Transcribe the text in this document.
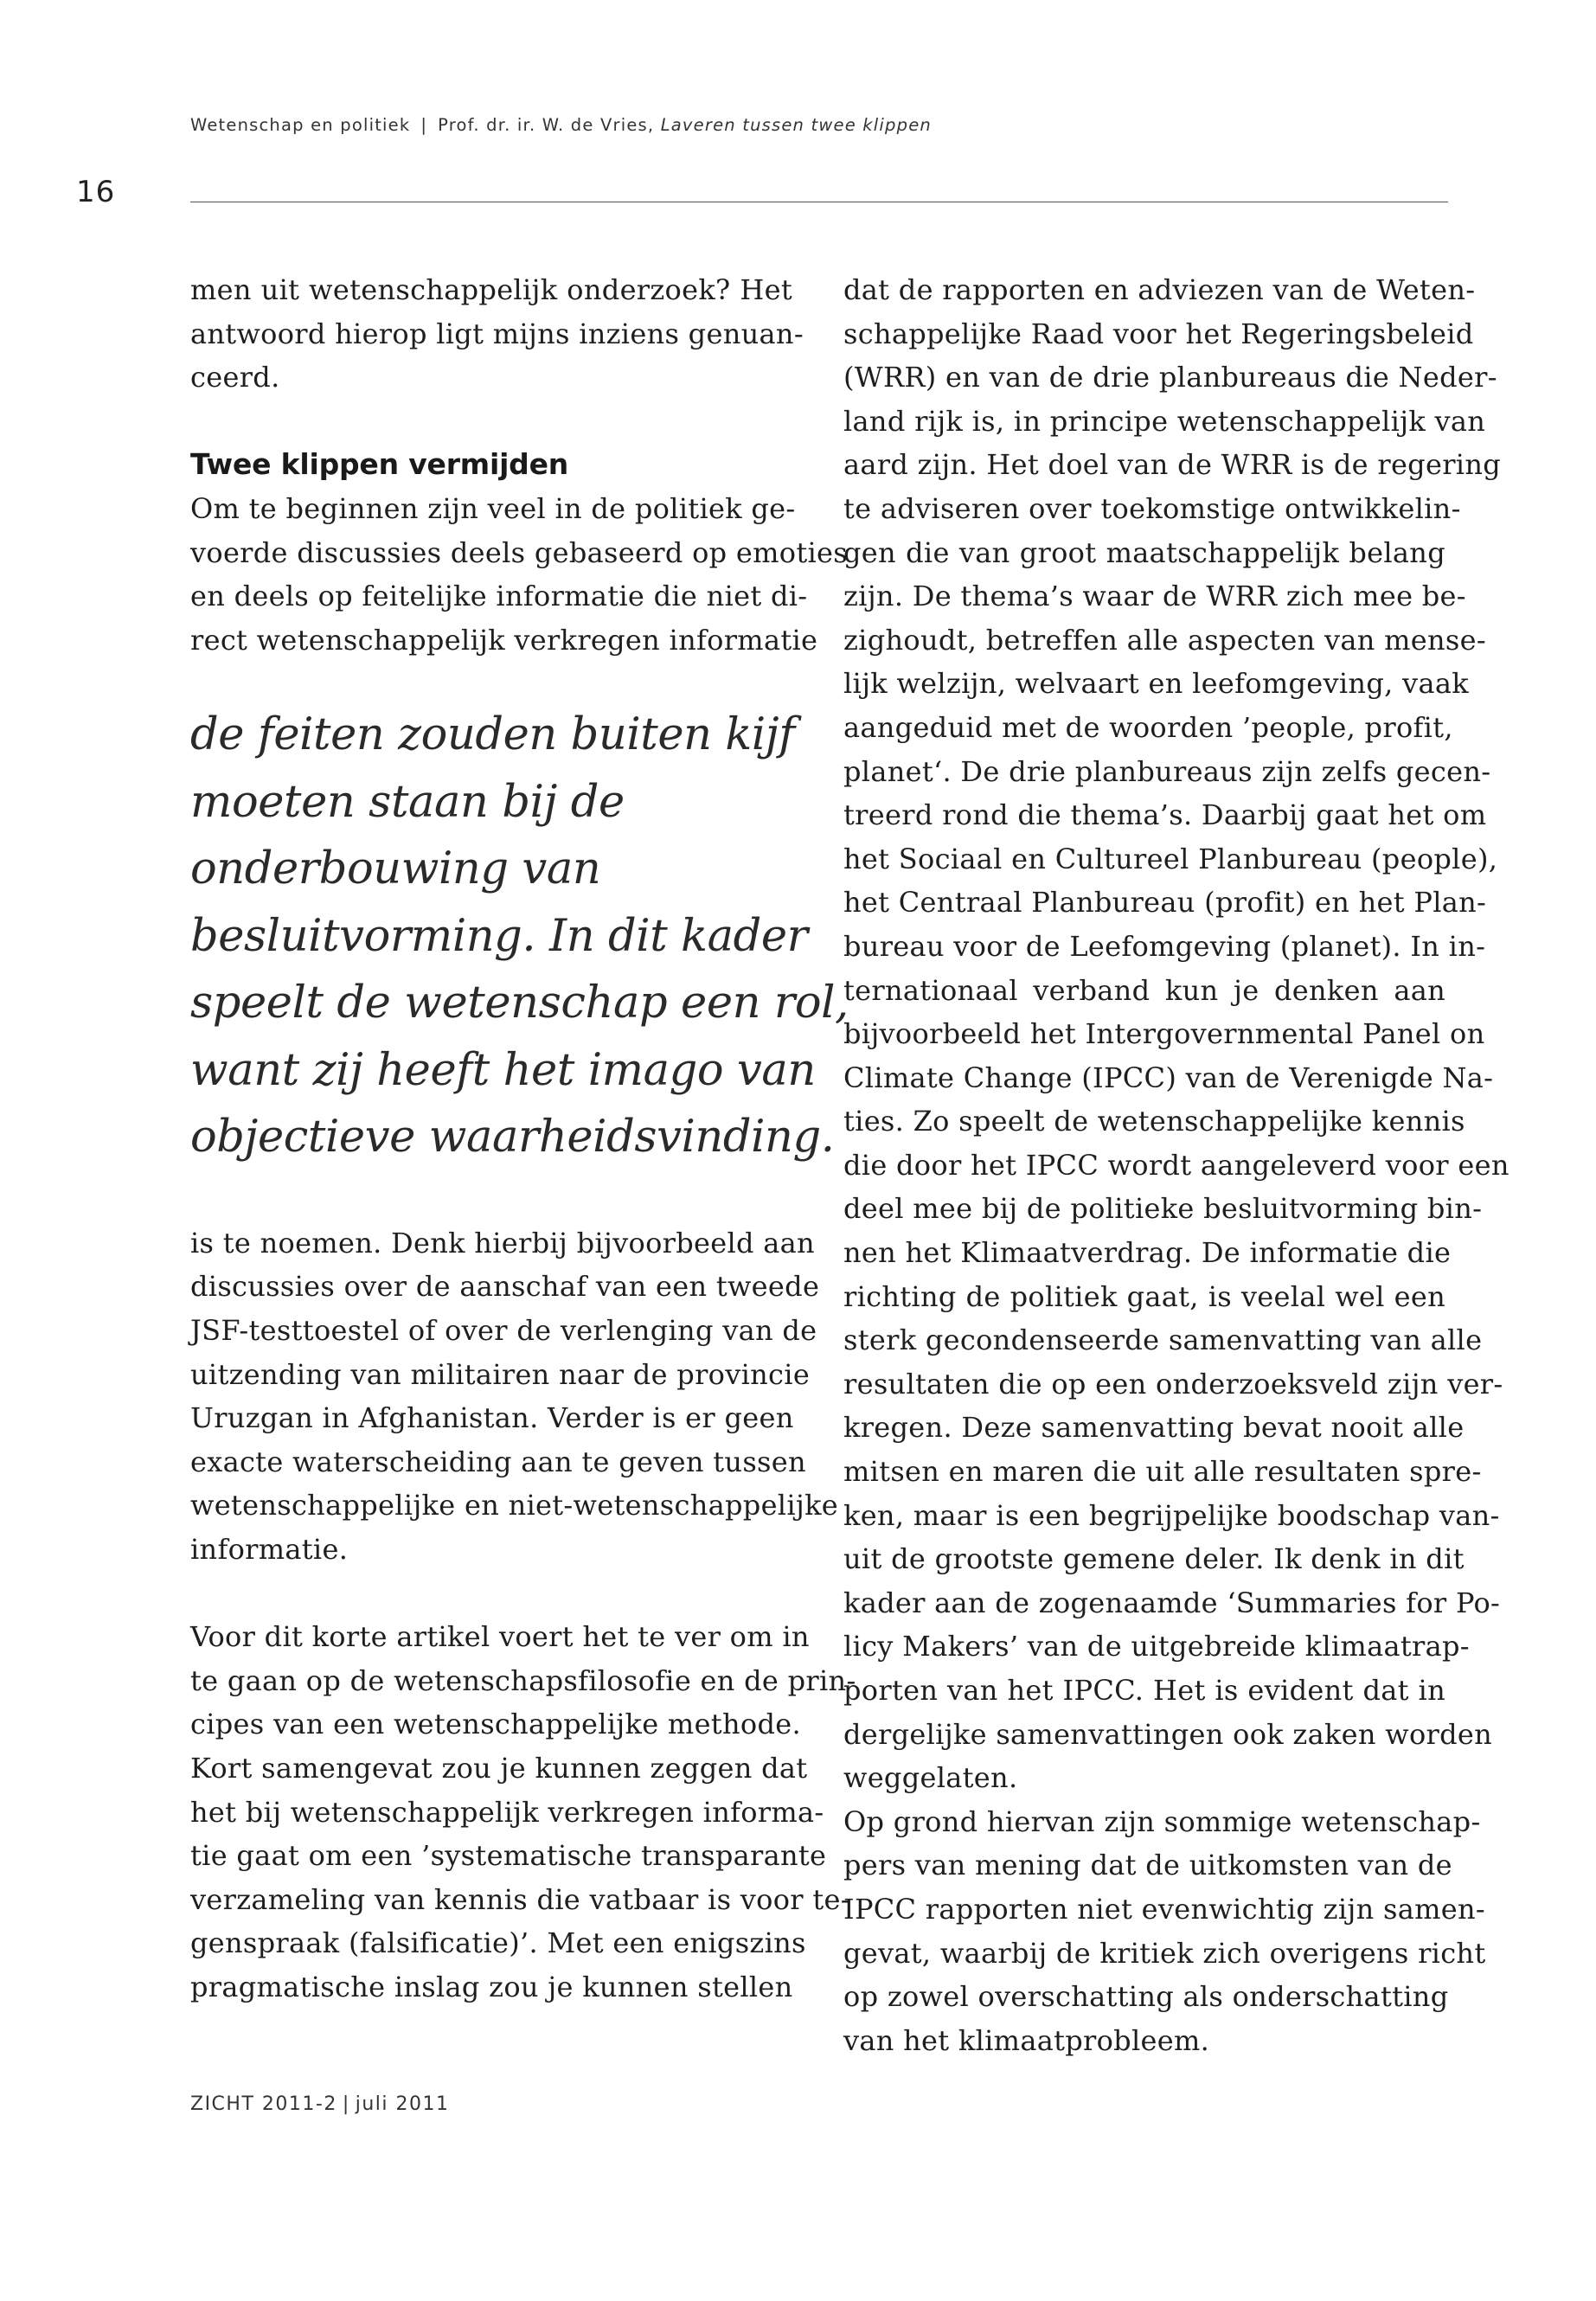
Wetenschap en politiek | Prof. dr. ir. W. de Vries, Laveren tussen twee klippen
16
men uit wetenschappelijk onderzoek? Het
antwoord hierop ligt mijns inziens genuan-
ceerd.
Twee klippen vermijden
Om te beginnen zijn veel in de politiek ge-
voerde discussies deels gebaseerd op emoties
en deels op feitelijke informatie die niet di-
rect wetenschappelijk verkregen informatie
de feiten zouden buiten kijf
moeten staan bij de
onderbouwing van
besluitvorming. In dit kader
speelt de wetenschap een rol,
want zij heeft het imago van
objectieve waarheidsvinding.
is te noemen. Denk hierbij bijvoorbeeld aan
discussies over de aanschaf van een tweede
JSF-testtoestel of over de verlenging van de
uitzending van militairen naar de provincie
Uruzgan in Afghanistan. Verder is er geen
exacte waterscheiding aan te geven tussen
wetenschappelijke en niet-wetenschappelijke
informatie.
Voor dit korte artikel voert het te ver om in
te gaan op de wetenschapsfilosofie en de prin-
cipes van een wetenschappelijke methode.
Kort samengevat zou je kunnen zeggen dat
het bij wetenschappelijk verkregen informa-
tie gaat om een ’systematische transparante
verzameling van kennis die vatbaar is voor te-
genspraak (falsificatie)’. Met een enigszins
pragmatische inslag zou je kunnen stellen
dat de rapporten en adviezen van de Weten-
schappelijke Raad voor het Regeringsbeleid
(WRR) en van de drie planbureaus die Neder-
land rijk is, in principe wetenschappelijk van
aard zijn. Het doel van de WRR is de regering
te adviseren over toekomstige ontwikkelin-
gen die van groot maatschappelijk belang
zijn. De thema’s waar de WRR zich mee be-
zighoudt, betreffen alle aspecten van mense-
lijk welzijn, welvaart en leefomgeving, vaak
aangeduid met de woorden ’people, profit,
planet‘. De drie planbureaus zijn zelfs gecen-
treerd rond die thema’s. Daarbij gaat het om
het Sociaal en Cultureel Planbureau (people),
het Centraal Planbureau (profit) en het Plan-
bureau voor de Leefomgeving (planet). In in-
ternationaal verband kun je denken aan
bijvoorbeeld het Intergovernmental Panel on
Climate Change (IPCC) van de Verenigde Na-
ties. Zo speelt de wetenschappelijke kennis
die door het IPCC wordt aangeleverd voor een
deel mee bij de politieke besluitvorming bin-
nen het Klimaatverdrag. De informatie die
richting de politiek gaat, is veelal wel een
sterk gecondenseerde samenvatting van alle
resultaten die op een onderzoeksveld zijn ver-
kregen. Deze samenvatting bevat nooit alle
mitsen en maren die uit alle resultaten spre-
ken, maar is een begrijpelijke boodschap van-
uit de grootste gemene deler. Ik denk in dit
kader aan de zogenaamde ‘Summaries for Po-
licy Makers’ van de uitgebreide klimaatrap-
porten van het IPCC. Het is evident dat in
dergelijke samenvattingen ook zaken worden
weggelaten.
Op grond hiervan zijn sommige wetenschap-
pers van mening dat de uitkomsten van de
IPCC rapporten niet evenwichtig zijn samen-
gevat, waarbij de kritiek zich overigens richt
op zowel overschatting als onderschatting
van het klimaatprobleem.
ZICHT 2011-2 | juli 2011
